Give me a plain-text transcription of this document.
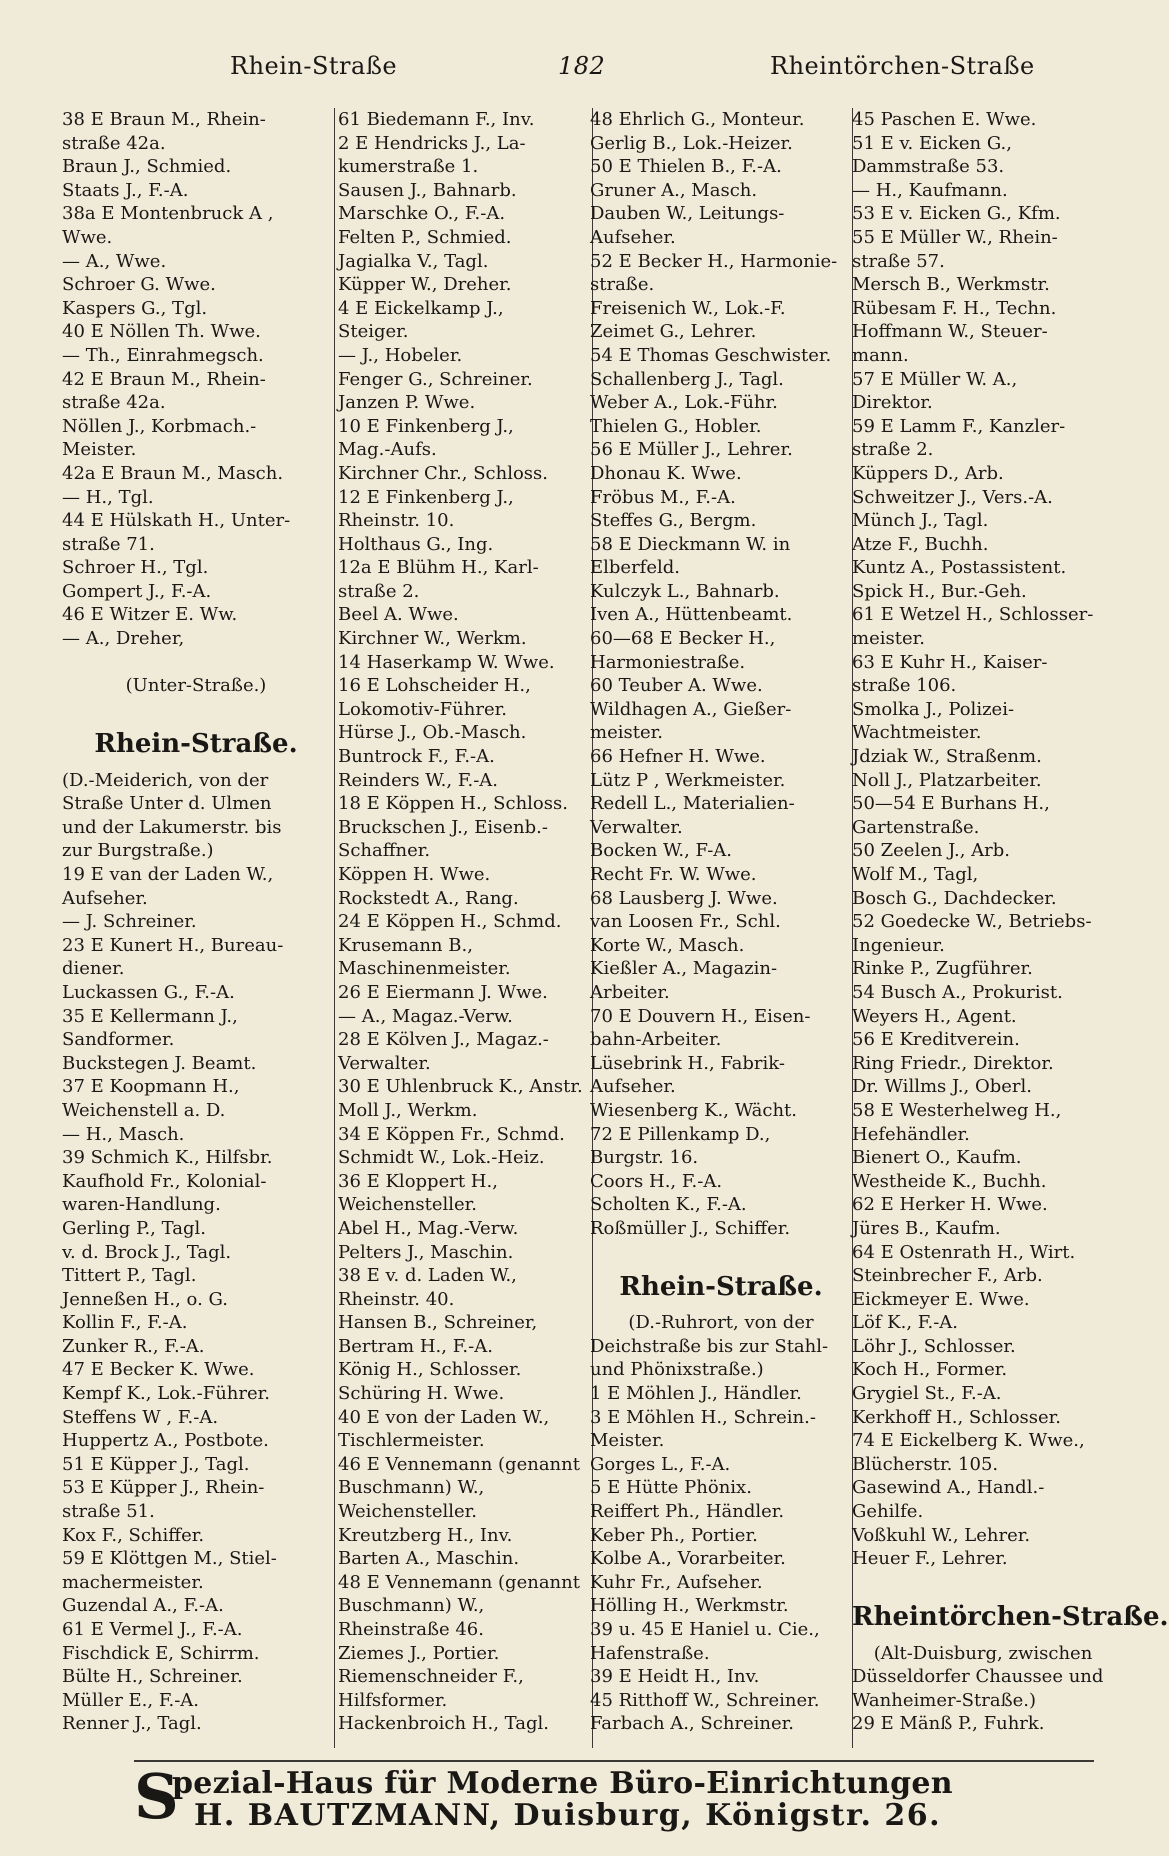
Rhein-Straße	182	Rheintörchen-Straße
38 E Braun M., Rhein-
straße 42a.
Braun J., Schmied.
Staats J., F.-A.
38a E Montenbruck A ,
Wwe.
— A., Wwe.
Schroer G. Wwe.
Kaspers G., Tgl.
40 E Nöllen Th. Wwe.
— Th., Einrahmegsch.
42 E Braun M., Rhein-
straße 42a.
Nöllen J., Korbmach.-
Meister.
42a E Braun M., Masch.
— H., Tgl.
44 E Hülskath H., Unter-
straße 71.
Schroer H., Tgl.
Gompert J., F.-A.
46 E Witzer E. Ww.
— A., Dreher,
(Unter-Straße.)
Rhein-Straße.
(D.-Meiderich, von der
Straße Unter d. Ulmen
und der Lakumerstr. bis
zur Burgstraße.)
19 E van der Laden W.,
Aufseher.
— J. Schreiner.
23 E Kunert H., Bureau-
diener.
Luckassen G., F.-A.
35 E Kellermann J.,
Sandformer.
Buckstegen J. Beamt.
37 E Koopmann H.,
Weichenstell a. D.
— H., Masch.
39 Schmich K., Hilfsbr.
Kaufhold Fr., Kolonial-
waren-Handlung.
Gerling P., Tagl.
v. d. Brock J., Tagl.
Tittert P., Tagl.
Jenneßen H., o. G.
Kollin F., F.-A.
Zunker R., F.-A.
47 E Becker K. Wwe.
Kempf K., Lok.-Führer.
Steffens W , F.-A.
Huppertz A., Postbote.
51 E Küpper J., Tagl.
53 E Küpper J., Rhein-
straße 51.
Kox F., Schiffer.
59 E Klöttgen M., Stiel-
machermeister.
Guzendal A., F.-A.
61 E Vermel J., F.-A.
Fischdick E, Schirrm.
Bülte H., Schreiner.
Müller E., F.-A.
Renner J., Tagl.
61 Biedemann F., Inv.
2 E Hendricks J., La-
kumerstraße 1.
Sausen J., Bahnarb.
Marschke O., F.-A.
Felten P., Schmied.
Jagialka V., Tagl.
Küpper W., Dreher.
4 E Eickelkamp J.,
Steiger.
— J., Hobeler.
Fenger G., Schreiner.
Janzen P. Wwe.
10 E Finkenberg J.,
Mag.-Aufs.
Kirchner Chr., Schloss.
12 E Finkenberg J.,
Rheinstr. 10.
Holthaus G., Ing.
12a E Blühm H., Karl-
straße 2.
Beel A. Wwe.
Kirchner W., Werkm.
14 Haserkamp W. Wwe.
16 E Lohscheider H.,
Lokomotiv-Führer.
Hürse J., Ob.-Masch.
Buntrock F., F.-A.
Reinders W., F.-A.
18 E Köppen H., Schloss.
Bruckschen J., Eisenb.-
Schaffner.
Köppen H. Wwe.
Rockstedt A., Rang.
24 E Köppen H., Schmd.
Krusemann B.,
Maschinenmeister.
26 E Eiermann J. Wwe.
— A., Magaz.-Verw.
28 E Kölven J., Magaz.-
Verwalter.
30 E Uhlenbruck K., Anstr.
Moll J., Werkm.
34 E Köppen Fr., Schmd.
Schmidt W., Lok.-Heiz.
36 E Kloppert H.,
Weichensteller.
Abel H., Mag.-Verw.
Pelters J., Maschin.
38 E v. d. Laden W.,
Rheinstr. 40.
Hansen B., Schreiner,
Bertram H., F.-A.
König H., Schlosser.
Schüring H. Wwe.
40 E von der Laden W.,
Tischlermeister.
46 E Vennemann (genannt
Buschmann) W.,
Weichensteller.
Kreutzberg H., Inv.
Barten A., Maschin.
48 E Vennemann (genannt
Buschmann) W.,
Rheinstraße 46.
Ziemes J., Portier.
Riemenschneider F.,
Hilfsformer.
Hackenbroich H., Tagl.
48 Ehrlich G., Monteur.
Gerlig B., Lok.-Heizer.
50 E Thielen B., F.-A.
Gruner A., Masch.
Dauben W., Leitungs-
Aufseher.
52 E Becker H., Harmonie-
straße.
Freisenich W., Lok.-F.
Zeimet G., Lehrer.
54 E Thomas Geschwister.
Schallenberg J., Tagl.
Weber A., Lok.-Führ.
Thielen G., Hobler.
56 E Müller J., Lehrer.
Dhonau K. Wwe.
Fröbus M., F.-A.
Steffes G., Bergm.
58 E Dieckmann W. in
Elberfeld.
Kulczyk L., Bahnarb.
Iven A., Hüttenbeamt.
60—68 E Becker H.,
Harmoniestraße.
60 Teuber A. Wwe.
Wildhagen A., Gießer-
meister.
66 Hefner H. Wwe.
Lütz P , Werkmeister.
Redell L., Materialien-
Verwalter.
Bocken W., F-A.
Recht Fr. W. Wwe.
68 Lausberg J. Wwe.
van Loosen Fr., Schl.
Korte W., Masch.
Kießler A., Magazin-
Arbeiter.
70 E Douvern H., Eisen-
bahn-Arbeiter.
Lüsebrink H., Fabrik-
Aufseher.
Wiesenberg K., Wächt.
72 E Pillenkamp D.,
Burgstr. 16.
Coors H., F.-A.
Scholten K., F.-A.
Roßmüller J., Schiffer.
Rhein-Straße.
(D.-Ruhrort, von der
Deichstraße bis zur Stahl-
und Phönixstraße.)
1 E Möhlen J., Händler.
3 E Möhlen H., Schrein.-
Meister.
Gorges L., F.-A.
5 E Hütte Phönix.
Reiffert Ph., Händler.
Keber Ph., Portier.
Kolbe A., Vorarbeiter.
Kuhr Fr., Aufseher.
Hölling H., Werkmstr.
39 u. 45 E Haniel u. Cie.,
Hafenstraße.
39 E Heidt H., Inv.
45 Ritthoff W., Schreiner.
Farbach A., Schreiner.
45 Paschen E. Wwe.
51 E v. Eicken G.,
Dammstraße 53.
— H., Kaufmann.
53 E v. Eicken G., Kfm.
55 E Müller W., Rhein-
straße 57.
Mersch B., Werkmstr.
Rübesam F. H., Techn.
Hoffmann W., Steuer-
mann.
57 E Müller W. A.,
Direktor.
59 E Lamm F., Kanzler-
straße 2.
Küppers D., Arb.
Schweitzer J., Vers.-A.
Münch J., Tagl.
Atze F., Buchh.
Kuntz A., Postassistent.
Spick H., Bur.-Geh.
61 E Wetzel H., Schlosser-
meister.
63 E Kuhr H., Kaiser-
straße 106.
Smolka J., Polizei-
Wachtmeister.
Jdziak W., Straßenm.
Noll J., Platzarbeiter.
50—54 E Burhans H.,
Gartenstraße.
50 Zeelen J., Arb.
Wolf M., Tagl,
Bosch G., Dachdecker.
52 Goedecke W., Betriebs-
Ingenieur.
Rinke P., Zugführer.
54 Busch A., Prokurist.
Weyers H., Agent.
56 E Kreditverein.
Ring Friedr., Direktor.
Dr. Willms J., Oberl.
58 E Westerhelweg H.,
Hefehändler.
Bienert O., Kaufm.
Westheide K., Buchh.
62 E Herker H. Wwe.
Jüres B., Kaufm.
64 E Ostenrath H., Wirt.
Steinbrecher F., Arb.
Eickmeyer E. Wwe.
Löf K., F.-A.
Löhr J., Schlosser.
Koch H., Former.
Grygiel St., F.-A.
Kerkhoff H., Schlosser.
74 E Eickelberg K. Wwe.,
Blücherstr. 105.
Gasewind A., Handl.-
Gehilfe.
Voßkuhl W., Lehrer.
Heuer F., Lehrer.
Rheintörchen-Straße.
(Alt-Duisburg, zwischen
Düsseldorfer Chaussee und
Wanheimer-Straße.)
29 E Mänß P., Fuhrk.
S
pezial-Haus für Moderne Büro-Einrichtungen
H. BAUTZMANN, Duisburg, Königstr. 26.
